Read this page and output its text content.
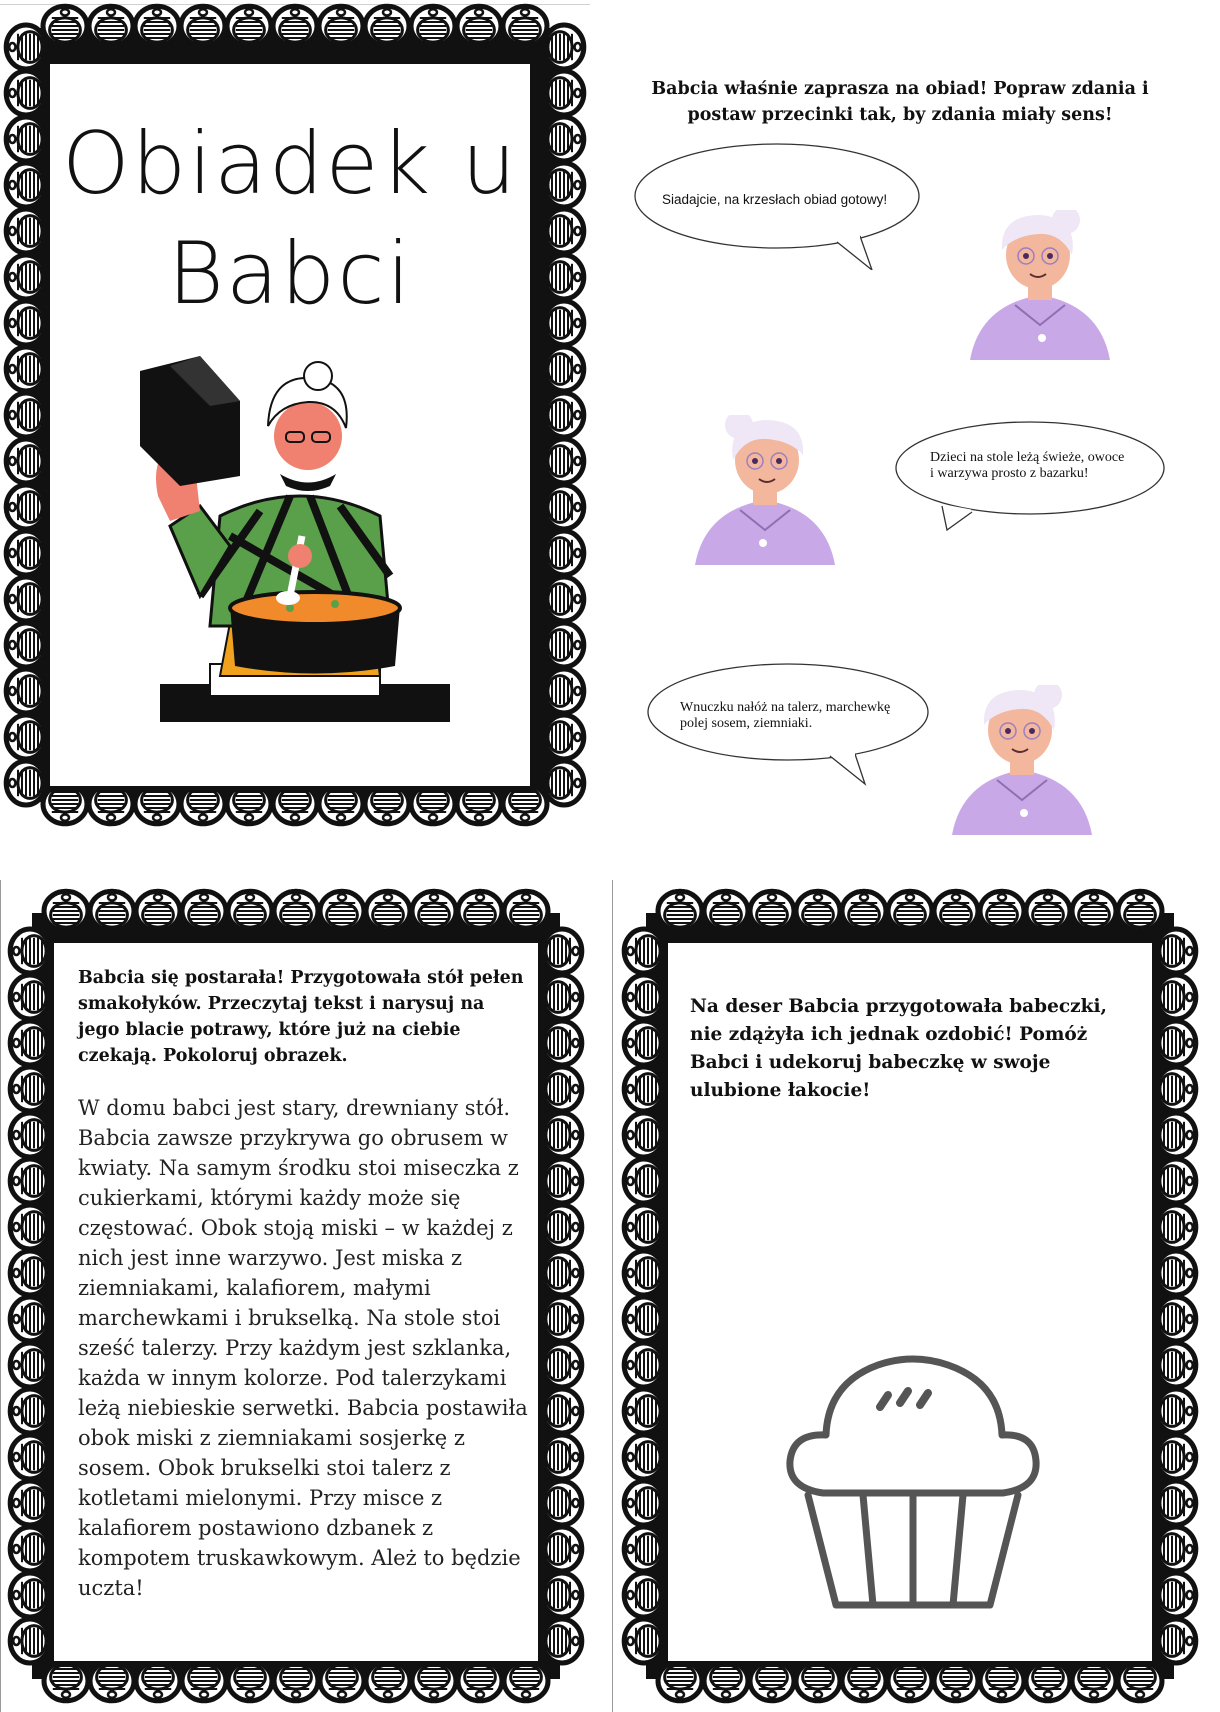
Obiadek u
Babci
Babcia właśnie zaprasza na obiad! Popraw zdania i postaw przecinki tak, by zdania miały sens!
Siadajcie, na krzesłach obiad gotowy!
Dzieci na stole leżą świeże, owoce i warzywa prosto z bazarku!
Wnuczku nałóż na talerz, marchewkę polej sosem, ziemniaki.
Babcia się postarała! Przygotowała stół pełen smakołyków. Przeczytaj tekst i narysuj na jego blacie potrawy, które już na ciebie czekają. Pokoloruj obrazek.
W domu babci jest stary, drewniany stół. Babcia zawsze przykrywa go obrusem w kwiaty. Na samym środku stoi miseczka z cukierkami, którymi każdy może się częstować. Obok stoją miski – w każdej z nich jest inne warzywo. Jest miska z ziemniakami, kalafiorem, małymi marchewkami i brukselką. Na stole stoi sześć talerzy. Przy każdym jest szklanka, każda w innym kolorze. Pod talerzykami leżą niebieskie serwetki. Babcia postawiła obok miski z ziemniakami sosjerkę z sosem. Obok brukselki stoi talerz z kotletami mielonymi. Przy misce z kalafiorem postawiono dzbanek z kompotem truskawkowym. Ależ to będzie uczta!
Na deser Babcia przygotowała babeczki, nie zdążyła ich jednak ozdobić! Pomóż Babci i udekoruj babeczkę w swoje ulubione łakocie!
